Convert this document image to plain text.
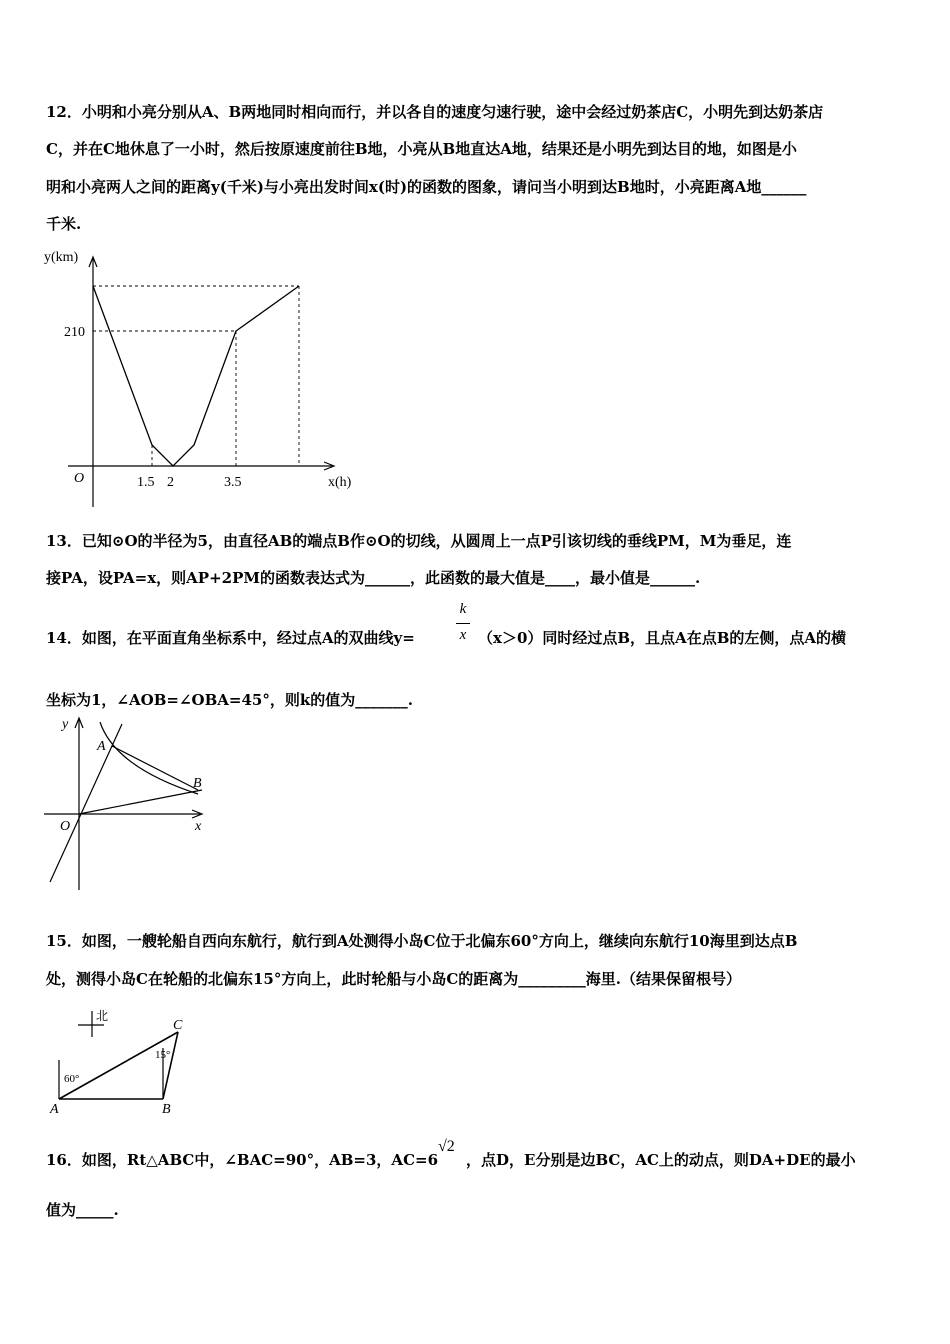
12．小明和小亮分别从A、B两地同时相向而行，并以各自的速度匀速行驶，途中会经过奶茶店C，小明先到达奶茶店
C，并在C地休息了一小时，然后按原速度前往B地，小亮从B地直达A地，结果还是小明先到达目的地，如图是小
明和小亮两人之间的距离y(千米)与小亮出发时间x(时)的函数的图象，请问当小明到达B地时，小亮距离A地______
千米.
y(km)
x(h)
O
210
1.5 2	3.5
13．已知⊙O的半径为5，由直径AB的端点B作⊙O的切线，从圆周上一点P引该切线的垂线PM，M为垂足，连
接PA，设PA=x，则AP+2PM的函数表达式为______，此函数的最大值是____，最小值是______.
14．如图，在平面直角坐标系中，经过点A的双曲线y=
k
x （x＞0）同时经过点B，且点A在点B的左侧，点A的横
坐标为1，∠AOB=∠OBA=45°，则k的值为_______.
y
x
O
A
B
15．如图，一艘轮船自西向东航行，航行到A处测得小岛C位于北偏东60°方向上，继续向东航行10海里到达点B
处，测得小岛C在轮船的北偏东15°方向上，此时轮船与小岛C的距离为_________海里.（结果保留根号）
北
C
A	B
60°
15°
16．如图，Rt△ABC中，∠BAC=90°，AB=3，AC=6
√2
，点D，E分别是边BC，AC上的动点，则DA+DE的最小
值为_____.
